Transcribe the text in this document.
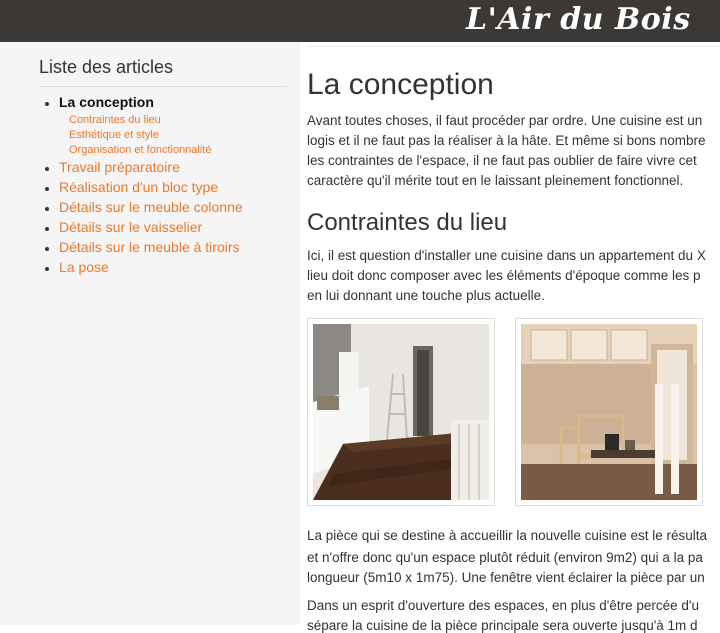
L'Air du Bois
Liste des articles
La conception
Contraintes du lieu
Esthétique et style
Organisation et fonctionnalité
Travail préparatoire
Réalisation d'un bloc type
Détails sur le meuble colonne
Détails sur le vaisselier
Détails sur le meuble à tiroirs
La pose
La conception
Avant toutes choses, il faut procéder par ordre. Une cuisine est un
logis et il ne faut pas la réaliser à la hâte. Et même si bons nombre
les contraintes de l'espace, il ne faut pas oublier de faire vivre cet
caractère qu'il mérite tout en le laissant pleinement fonctionnel.
Contraintes du lieu
Ici, il est question d'installer une cuisine dans un appartement du X
lieu doit donc composer avec les éléments d'époque comme les p
en lui donnant une touche plus actuelle.
La pièce qui se destine à accueillir la nouvelle cuisine est le résulta
et n'offre donc qu'un espace plutôt réduit (environ 9m2) qui a la pa
longueur (5m10 x 1m75). Une fenêtre vient éclairer la pièce par un
Dans un esprit d'ouverture des espaces, en plus d'être percée d'u
sépare la cuisine de la pièce principale sera ouverte jusqu'à 1m d
